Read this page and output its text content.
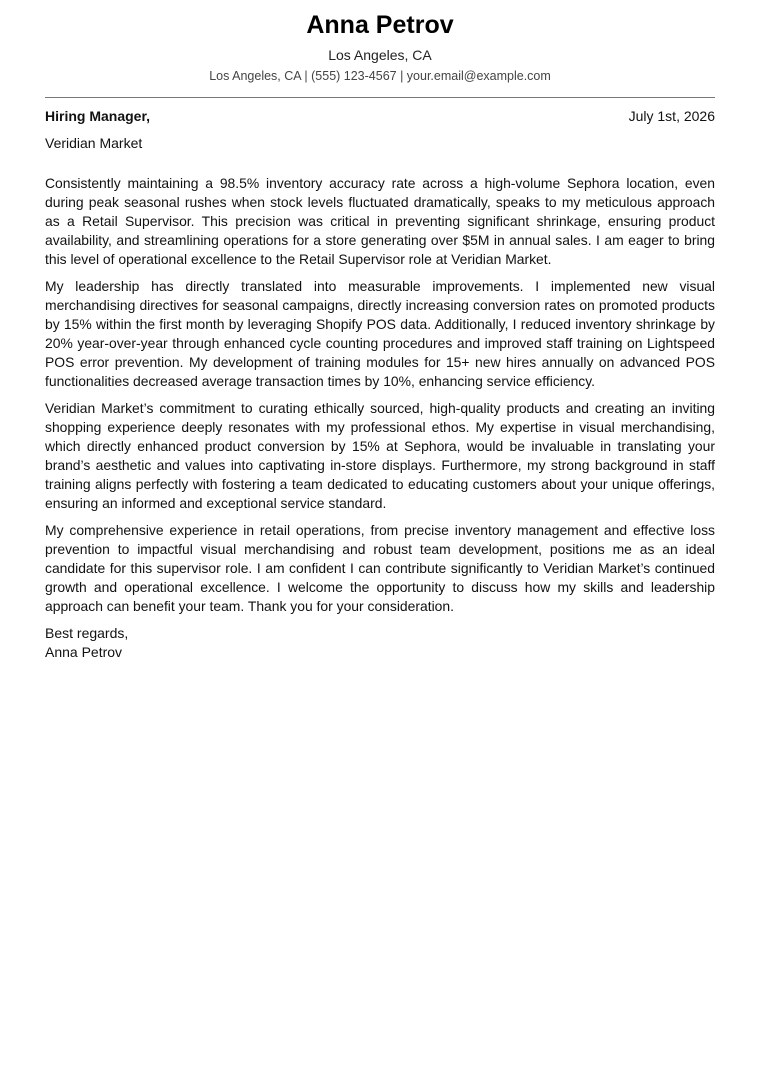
Anna Petrov
Los Angeles, CA
Los Angeles, CA | (555) 123-4567 | your.email@example.com
Hiring Manager,	July 1st, 2026
Veridian Market

Consistently maintaining a 98.5% inventory accuracy rate across a high-volume Sephora location, even during peak seasonal rushes when stock levels fluctuated dramatically, speaks to my meticulous approach as a Retail Supervisor. This precision was critical in preventing significant shrinkage, ensuring product availability, and streamlining operations for a store generating over $5M in annual sales. I am eager to bring this level of operational excellence to the Retail Supervisor role at Veridian Market.

My leadership has directly translated into measurable improvements. I implemented new visual merchandising directives for seasonal campaigns, directly increasing conversion rates on promoted products by 15% within the first month by leveraging Shopify POS data. Additionally, I reduced inventory shrinkage by 20% year-over-year through enhanced cycle counting procedures and improved staff training on Lightspeed POS error prevention. My development of training modules for 15+ new hires annually on advanced POS functionalities decreased average transaction times by 10%, enhancing service efficiency.

Veridian Market’s commitment to curating ethically sourced, high-quality products and creating an inviting shopping experience deeply resonates with my professional ethos. My expertise in visual merchandising, which directly enhanced product conversion by 15% at Sephora, would be invaluable in translating your brand’s aesthetic and values into captivating in-store displays. Furthermore, my strong background in staff training aligns perfectly with fostering a team dedicated to educating customers about your unique offerings, ensuring an informed and exceptional service standard.

My comprehensive experience in retail operations, from precise inventory management and effective loss prevention to impactful visual merchandising and robust team development, positions me as an ideal candidate for this supervisor role. I am confident I can contribute significantly to Veridian Market’s continued growth and operational excellence. I welcome the opportunity to discuss how my skills and leadership approach can benefit your team. Thank you for your consideration.

Best regards,
Anna Petrov
